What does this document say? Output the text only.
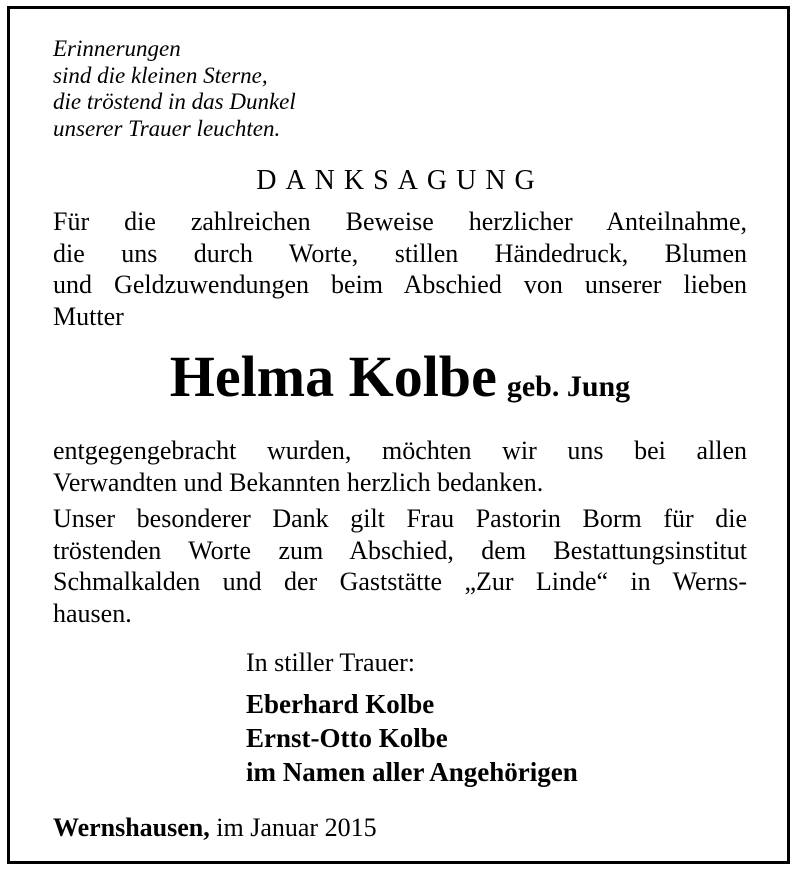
Erinnerungen
sind die kleinen Sterne,
die tröstend in das Dunkel
unserer Trauer leuchten.
DANKSAGUNG
Für die zahlreichen Beweise herzlicher Anteilnahme,
die uns durch Worte, stillen Händedruck, Blumen
und Geldzuwendungen beim Abschied von unserer lieben
Mutter
Helma Kolbe geb. Jung
entgegengebracht wurden, möchten wir uns bei allen
Verwandten und Bekannten herzlich bedanken.
Unser besonderer Dank gilt Frau Pastorin Borm für die
tröstenden Worte zum Abschied, dem Bestattungsinstitut
Schmalkalden und der Gaststätte „Zur Linde“ in Werns-
hausen.
In stiller Trauer:
Eberhard Kolbe
Ernst-Otto Kolbe
im Namen aller Angehörigen
Wernshausen, im Januar 2015
